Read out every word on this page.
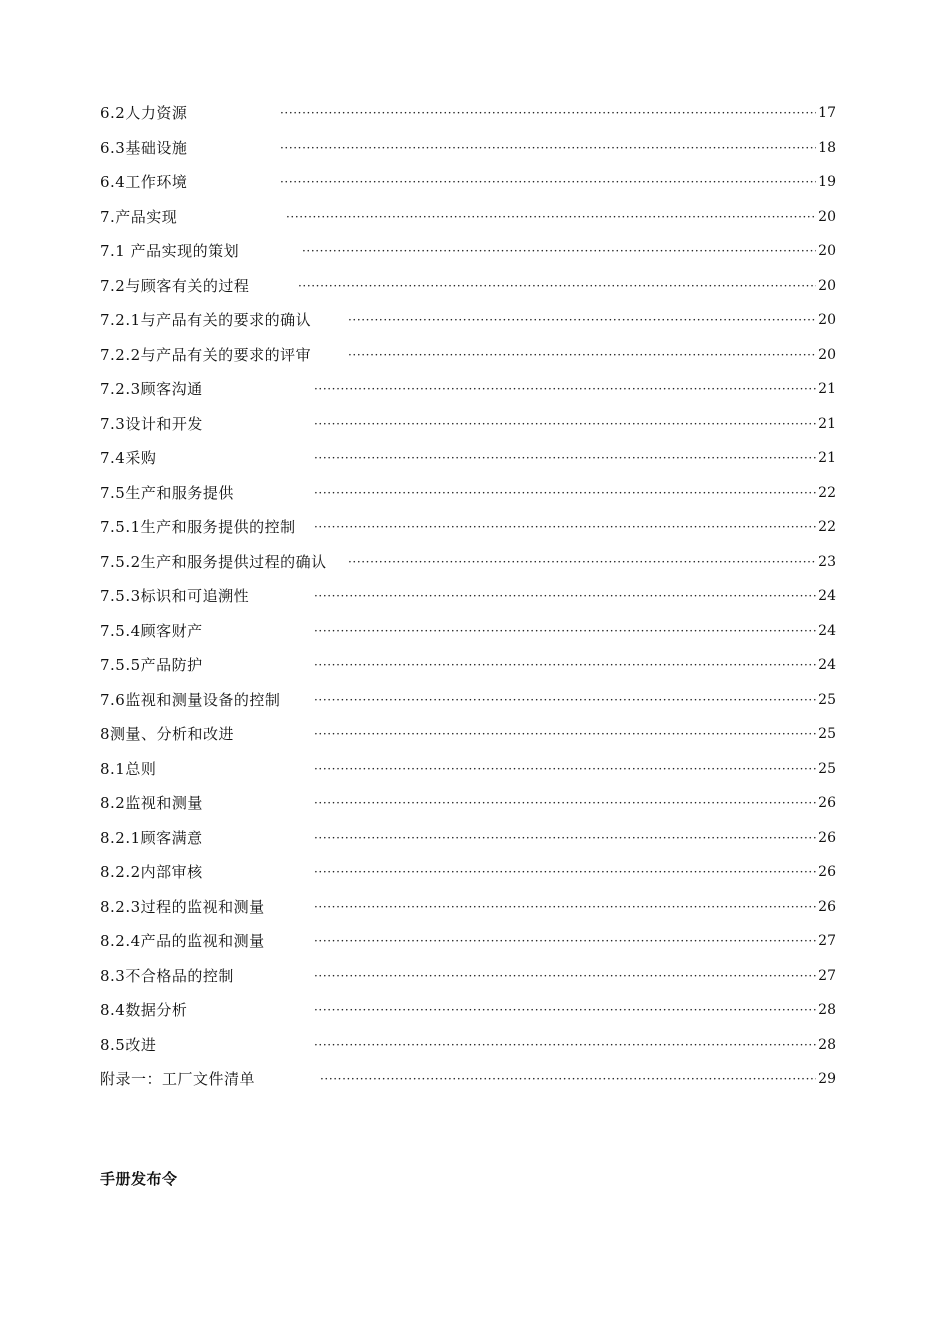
6.2人力资源 ·····	17
6.3基础设施 ·····	18
6.4工作环境 ·····	19
7.产品实现 ·····	20
7.1 产品实现的策划 ·····	20
7.2与顾客有关的过程 ·····	20
7.2.1与产品有关的要求的确认 ·····	20
7.2.2与产品有关的要求的评审 ·····	20
7.2.3顾客沟通 ·····	21
7.3设计和开发 ·····	21
7.4采购 ·····	21
7.5生产和服务提供 ·····	22
7.5.1生产和服务提供的控制 ·····	22
7.5.2生产和服务提供过程的确认 ·····	23
7.5.3标识和可追溯性 ·····	24
7.5.4顾客财产 ·····	24
7.5.5产品防护 ·····	24
7.6监视和测量设备的控制 ·····	25
8测量、分析和改进 ·····	25
8.1总则 ·····	25
8.2监视和测量 ·····	26
8.2.1顾客满意 ·····	26
8.2.2内部审核 ·····	26
8.2.3过程的监视和测量 ·····	26
8.2.4产品的监视和测量 ·····	27
8.3不合格品的控制 ·····	27
8.4数据分析 ·····	28
8.5改进 ·····	28
附录一：工厂文件清单 ·····	29
手册发布令
